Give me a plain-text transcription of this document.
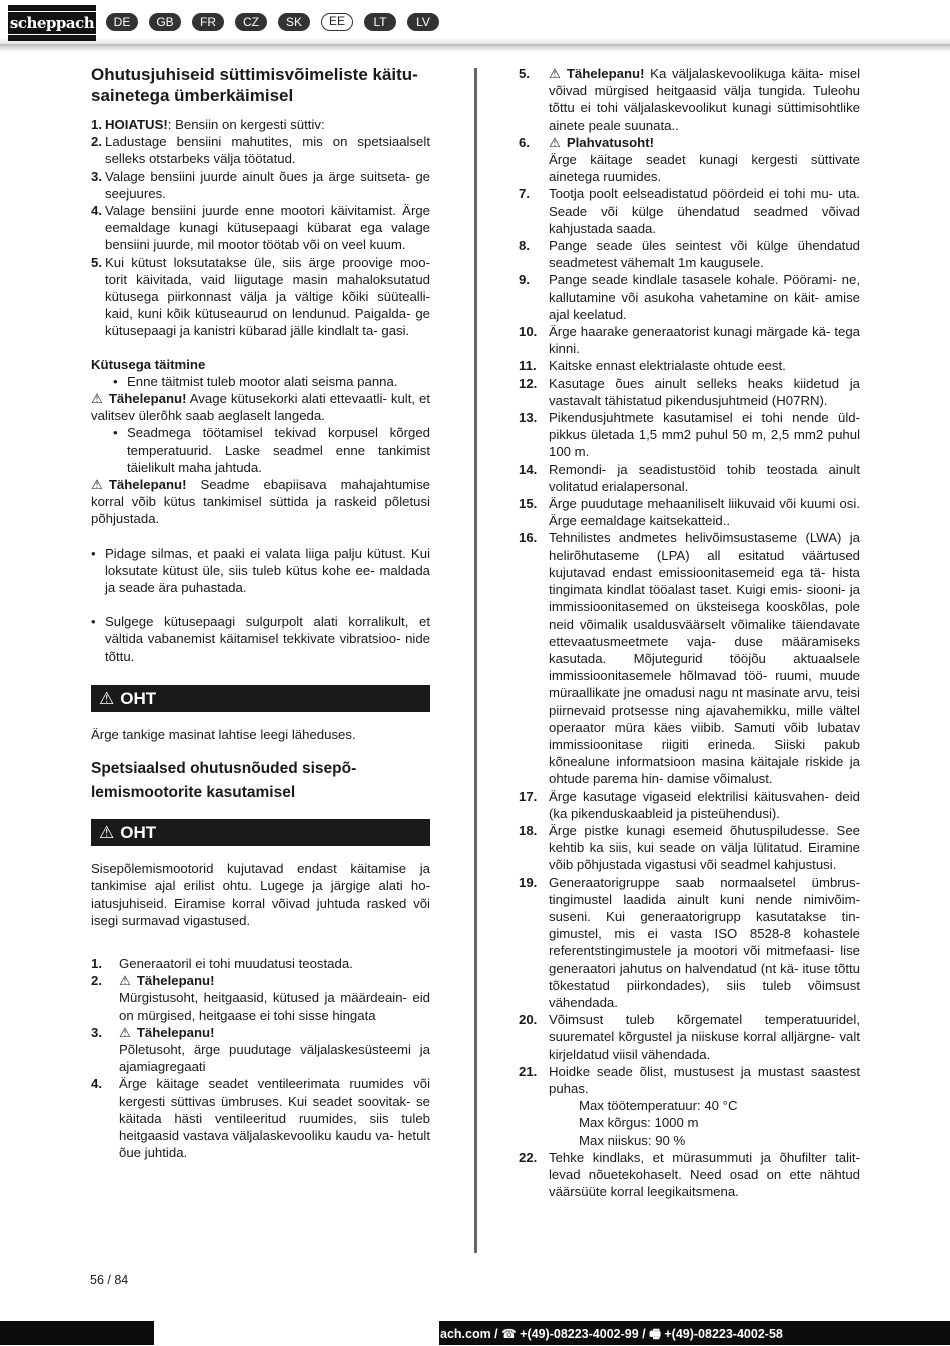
scheppach	DE	GB	FR	CZ	SK	EE	LT	LV
Ohutusjuhiseid süttimisvõimeliste käitu- sainetega ümberkäimisel
1. HOIATUS!: Bensiin on kergesti süttiv:
2. Ladustage bensiini mahutites, mis on spetsiaalselt selleks otstarbeks välja töötatud.
3. Valage bensiini juurde ainult õues ja ärge suitseta- ge seejuures.
4. Valage bensiini juurde enne mootori käivitamist. Ärge eemaldage kunagi kütusepaagi kübarat ega valage bensiini juurde, mil mootor töötab või on veel kuum.
5. Kui kütust loksutatakse üle, siis ärge proovige moo- torit käivitada, vaid liigutage masin mahaloksutatud kütusega piirkonnast välja ja vältige kõiki süütealli- kaid, kuni kõik kütuseaurud on lendunud. Paigalda- ge kütusepaagi ja kanistri kübarad jälle kindlalt ta- gasi.
Kütusega täitmine
• Enne täitmist tuleb mootor alati seisma panna.

⚠ Tähelepanu! Avage kütusekorki alati ettevaatli- kult, et valitsev ülerõhk saab aeglaselt langeda.

• Seadmega töötamisel tekivad korpusel kõrged temperatuurid. Laske seadmel enne tankimist täielikult maha jahtuda.

⚠ Tähelepanu! Seadme ebapiisava mahajahtumise korral võib kütus tankimisel süttida ja raskeid põletusi põhjustada.

• Pidage silmas, et paaki ei valata liiga palju kütust. Kui loksutate kütust üle, siis tuleb kütus kohe ee- maldada ja seade ära puhastada.
• Sulgege kütusepaagi sulgurpolt alati korralikult, et vältida vabanemist käitamisel tekkivate vibratsioo- nide tõttu.
⚠ OHT

Ärge tankige masinat lahtise leegi läheduses.

Spetsiaalsed ohutusnõuded sisepõ- lemismootorite kasutamisel
⚠ OHT

Sisepõlemismootorid kujutavad endast käitamise ja tankimise ajal erilist ohtu. Lugege ja järgige alati ho- iatusjuhiseid. Eiramise korral võivad juhtuda rasked või isegi surmavad vigastused.

1.	Generaatoril ei tohi muudatusi teostada.
2.	⚠ Tähelepanu!
Mürgistusoht, heitgaasid, kütused ja määrdeain- eid on mürgised, heitgaase ei tohi sisse hingata
3.	⚠ Tähelepanu!
Põletusoht, ärge puudutage väljalaskesüsteemi ja ajamiagregaati
4.	Ärge käitage seadet ventileerimata ruumides või kergesti süttivas ümbruses. Kui seadet soovitak- se käitada hästi ventileeritud ruumides, siis tuleb heitgaasid vastava väljalaskevooliku kaudu va- hetult õue juhtida.
5.	⚠ Tähelepanu! Ka väljalaskevoolikuga käita- misel võivad mürgised heitgaasid välja tungida. Tuleohu tõttu ei tohi väljalaskevoolikut kunagi süttimisohtlike ainete peale suunata..
6.	⚠ Plahvatusoht!
Ärge käitage seadet kunagi kergesti süttivate ainetega ruumides.
7.	Tootja poolt eelseadistatud pöördeid ei tohi mu- uta. Seade või külge ühendatud seadmed võivad kahjustada saada.
8.	Pange seade üles seintest või külge ühendatud seadmetest vähemalt 1m kaugusele.
9.	Pange seade kindlale tasasele kohale. Pöörami- ne, kallutamine või asukoha vahetamine on käit- amise ajal keelatud.
10. Ärge haarake generaatorist kunagi märgade kä- tega kinni.
11. Kaitske ennast elektrialaste ohtude eest.
12. Kasutage õues ainult selleks heaks kiidetud ja vastavalt tähistatud pikendusjuhtmeid (H07RN).
13. Pikendusjuhtmete kasutamisel ei tohi nende üld- pikkus ületada 1,5 mm2 puhul 50 m, 2,5 mm2 puhul 100 m.
14. Remondi- ja seadistustöid tohib teostada ainult volitatud erialapersonal.
15. Ärge puudutage mehaaniliselt liikuvaid või kuumi osi. Ärge eemaldage kaitsekatteid..
16. Tehnilistes andmetes helivõimsustaseme (LWA) ja helirõhutaseme (LPA) all esitatud väärtused kujutavad endast emissioonitasemeid ega tä- hista tingimata kindlat tööalast taset. Kuigi emis- siooni- ja immissioonitasemed on üksteisega kooskõlas, pole neid võimalik usaldusväärselt võimalike täiendavate ettevaatusmeetmete vaja- duse määramiseks kasutada. Mõjutegurid tööjõu aktuaalsele immissioonitasemele hõlmavad töö- ruumi, muude müraallikate jne omadusi nagu nt masinate arvu, teisi piirnevaid protsesse ning ajavahemikku, mille vältel operaator müra käes viibib. Samuti võib lubatav immissioonitase riigiti erineda. Siiski pakub kõnealune informatsioon masina käitajale riskide ja ohtude parema hin- damise võimalust.
17. Ärge kasutage vigaseid elektrilisi käitusvahen- deid (ka pikenduskaableid ja pisteühendusi).
18. Ärge pistke kunagi esemeid õhutuspiludesse. See kehtib ka siis, kui seade on välja lülitatud. Eiramine võib põhjustada vigastusi või seadmel kahjustusi.
19. Generaatorigruppe saab normaalsetel ümbrus- tingimustel laadida ainult kuni nende nimivõim- suseni. Kui generaatorigrupp kasutatakse tin- gimustel, mis ei vasta ISO 8528-8 kohastele referentstingimustele ja mootori või mitmefaasi- lise generaatori jahutus on halvendatud (nt kä- ituse tõttu tõkestatud piirkondades), siis tuleb võimsust vähendada.
20. Võimsust tuleb kõrgematel temperatuuridel, suurematel kõrgustel ja niiskuse korral alljärgne- valt kirjeldatud viisil vähendada.
21. Hoidke seade õlist, mustusest ja mustast saastest puhas.
Max töötemperatuur: 40 °C
Max kõrgus: 1000 m
Max niiskus: 90 %
22. Tehke kindlaks, et mürasummuti ja õhufilter talit- levad nõuetekohaselt. Need osad on ette nähtud väärsüüte korral leegikaitsmena.
56 / 84
ach.com / ☎ +(49)-08223-4002-99 / 🖷 +(49)-08223-4002-58
